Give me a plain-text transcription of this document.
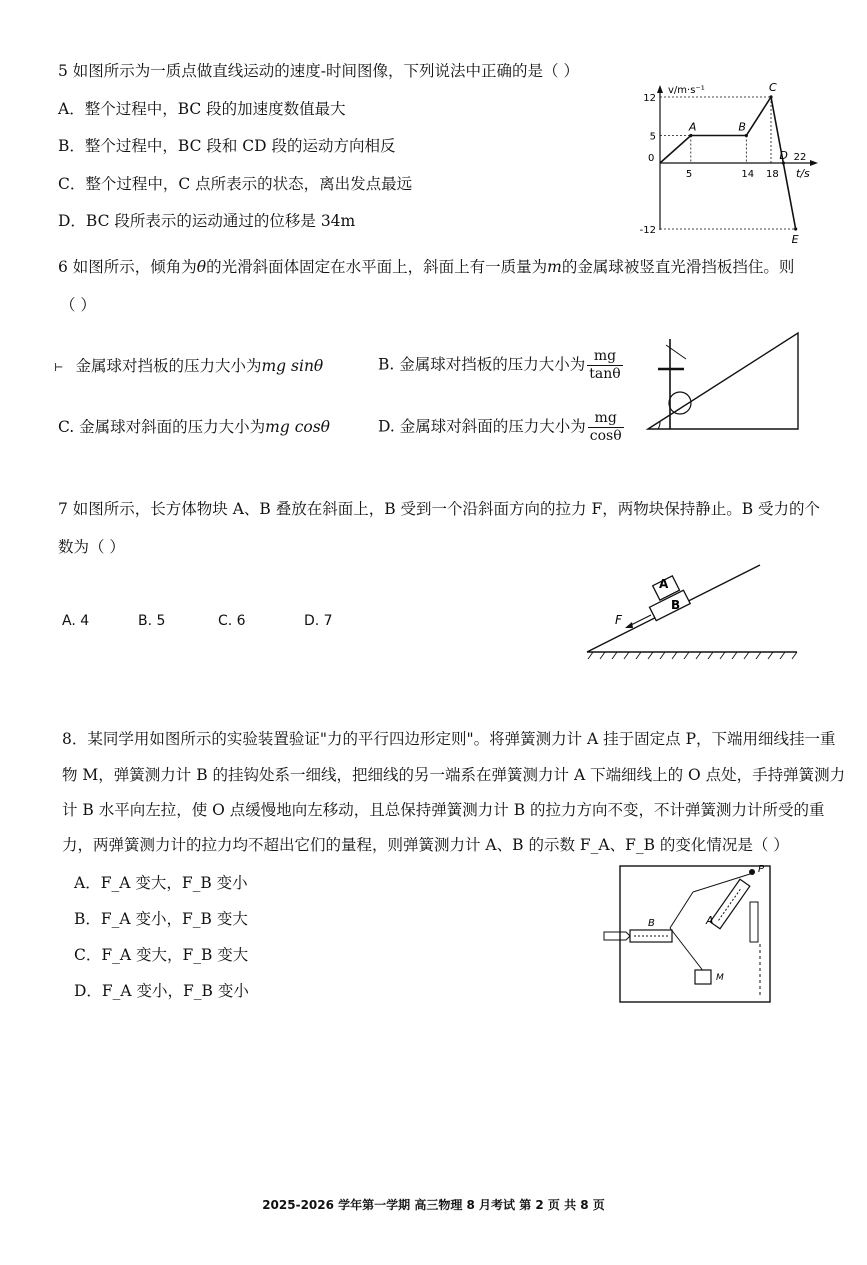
5 如图所示为一质点做直线运动的速度-时间图像，下列说法中正确的是（ ）
A．整个过程中，BC 段的加速度数值最大
B．整个过程中，BC 段和 CD 段的运动方向相反
C．整个过程中，C 点所表示的状态，离出发点最远
D．BC 段所表示的运动通过的位移是 34m
v/m·s⁻¹
t/s
A	B
C
D
E
0
5	14 18
22
12
5
-12
6 如图所示，倾角为θ的光滑斜面体固定在水平面上，斜面上有一质量为m的金属球被竖直光滑挡板挡住。则
（ ）
⊢ 金属球对挡板的压力大小为mg sinθ	B. 金属球对挡板的压力大小为 $\frac{mg}{\tan\theta}$
C. 金属球对斜面的压力大小为mg cosθ	D. 金属球对斜面的压力大小为 $\frac{mg}{\cos\theta}$
7 如图所示，长方体物块 A、B 叠放在斜面上，B 受到一个沿斜面方向的拉力 F，两物块保持静止。B 受力的个
数为（ ）
A. 4	B. 5	C. 6	D. 7
B
A
F
8．某同学用如图所示的实验装置验证"力的平行四边形定则"。将弹簧测力计 A 挂于固定点 P，下端用细线挂一重
物 M，弹簧测力计 B 的挂钩处系一细线，把细线的另一端系在弹簧测力计 A 下端细线上的 O 点处，手持弹簧测力
计 B 水平向左拉，使 O 点缓慢地向左移动，且总保持弹簧测力计 B 的拉力方向不变，不计弹簧测力计所受的重
力，两弹簧测力计的拉力均不超出它们的量程，则弹簧测力计 A、B 的示数 F_A、F_B 的变化情况是（ ）
A．F_A 变大，F_B 变小
B．F_A 变小，F_B 变大
C．F_A 变大，F_B 变大
D．F_A 变小，F_B 变小
A
P
B
M
2025-2026 学年第一学期 高三物理 8 月考试 第 2 页 共 8 页
